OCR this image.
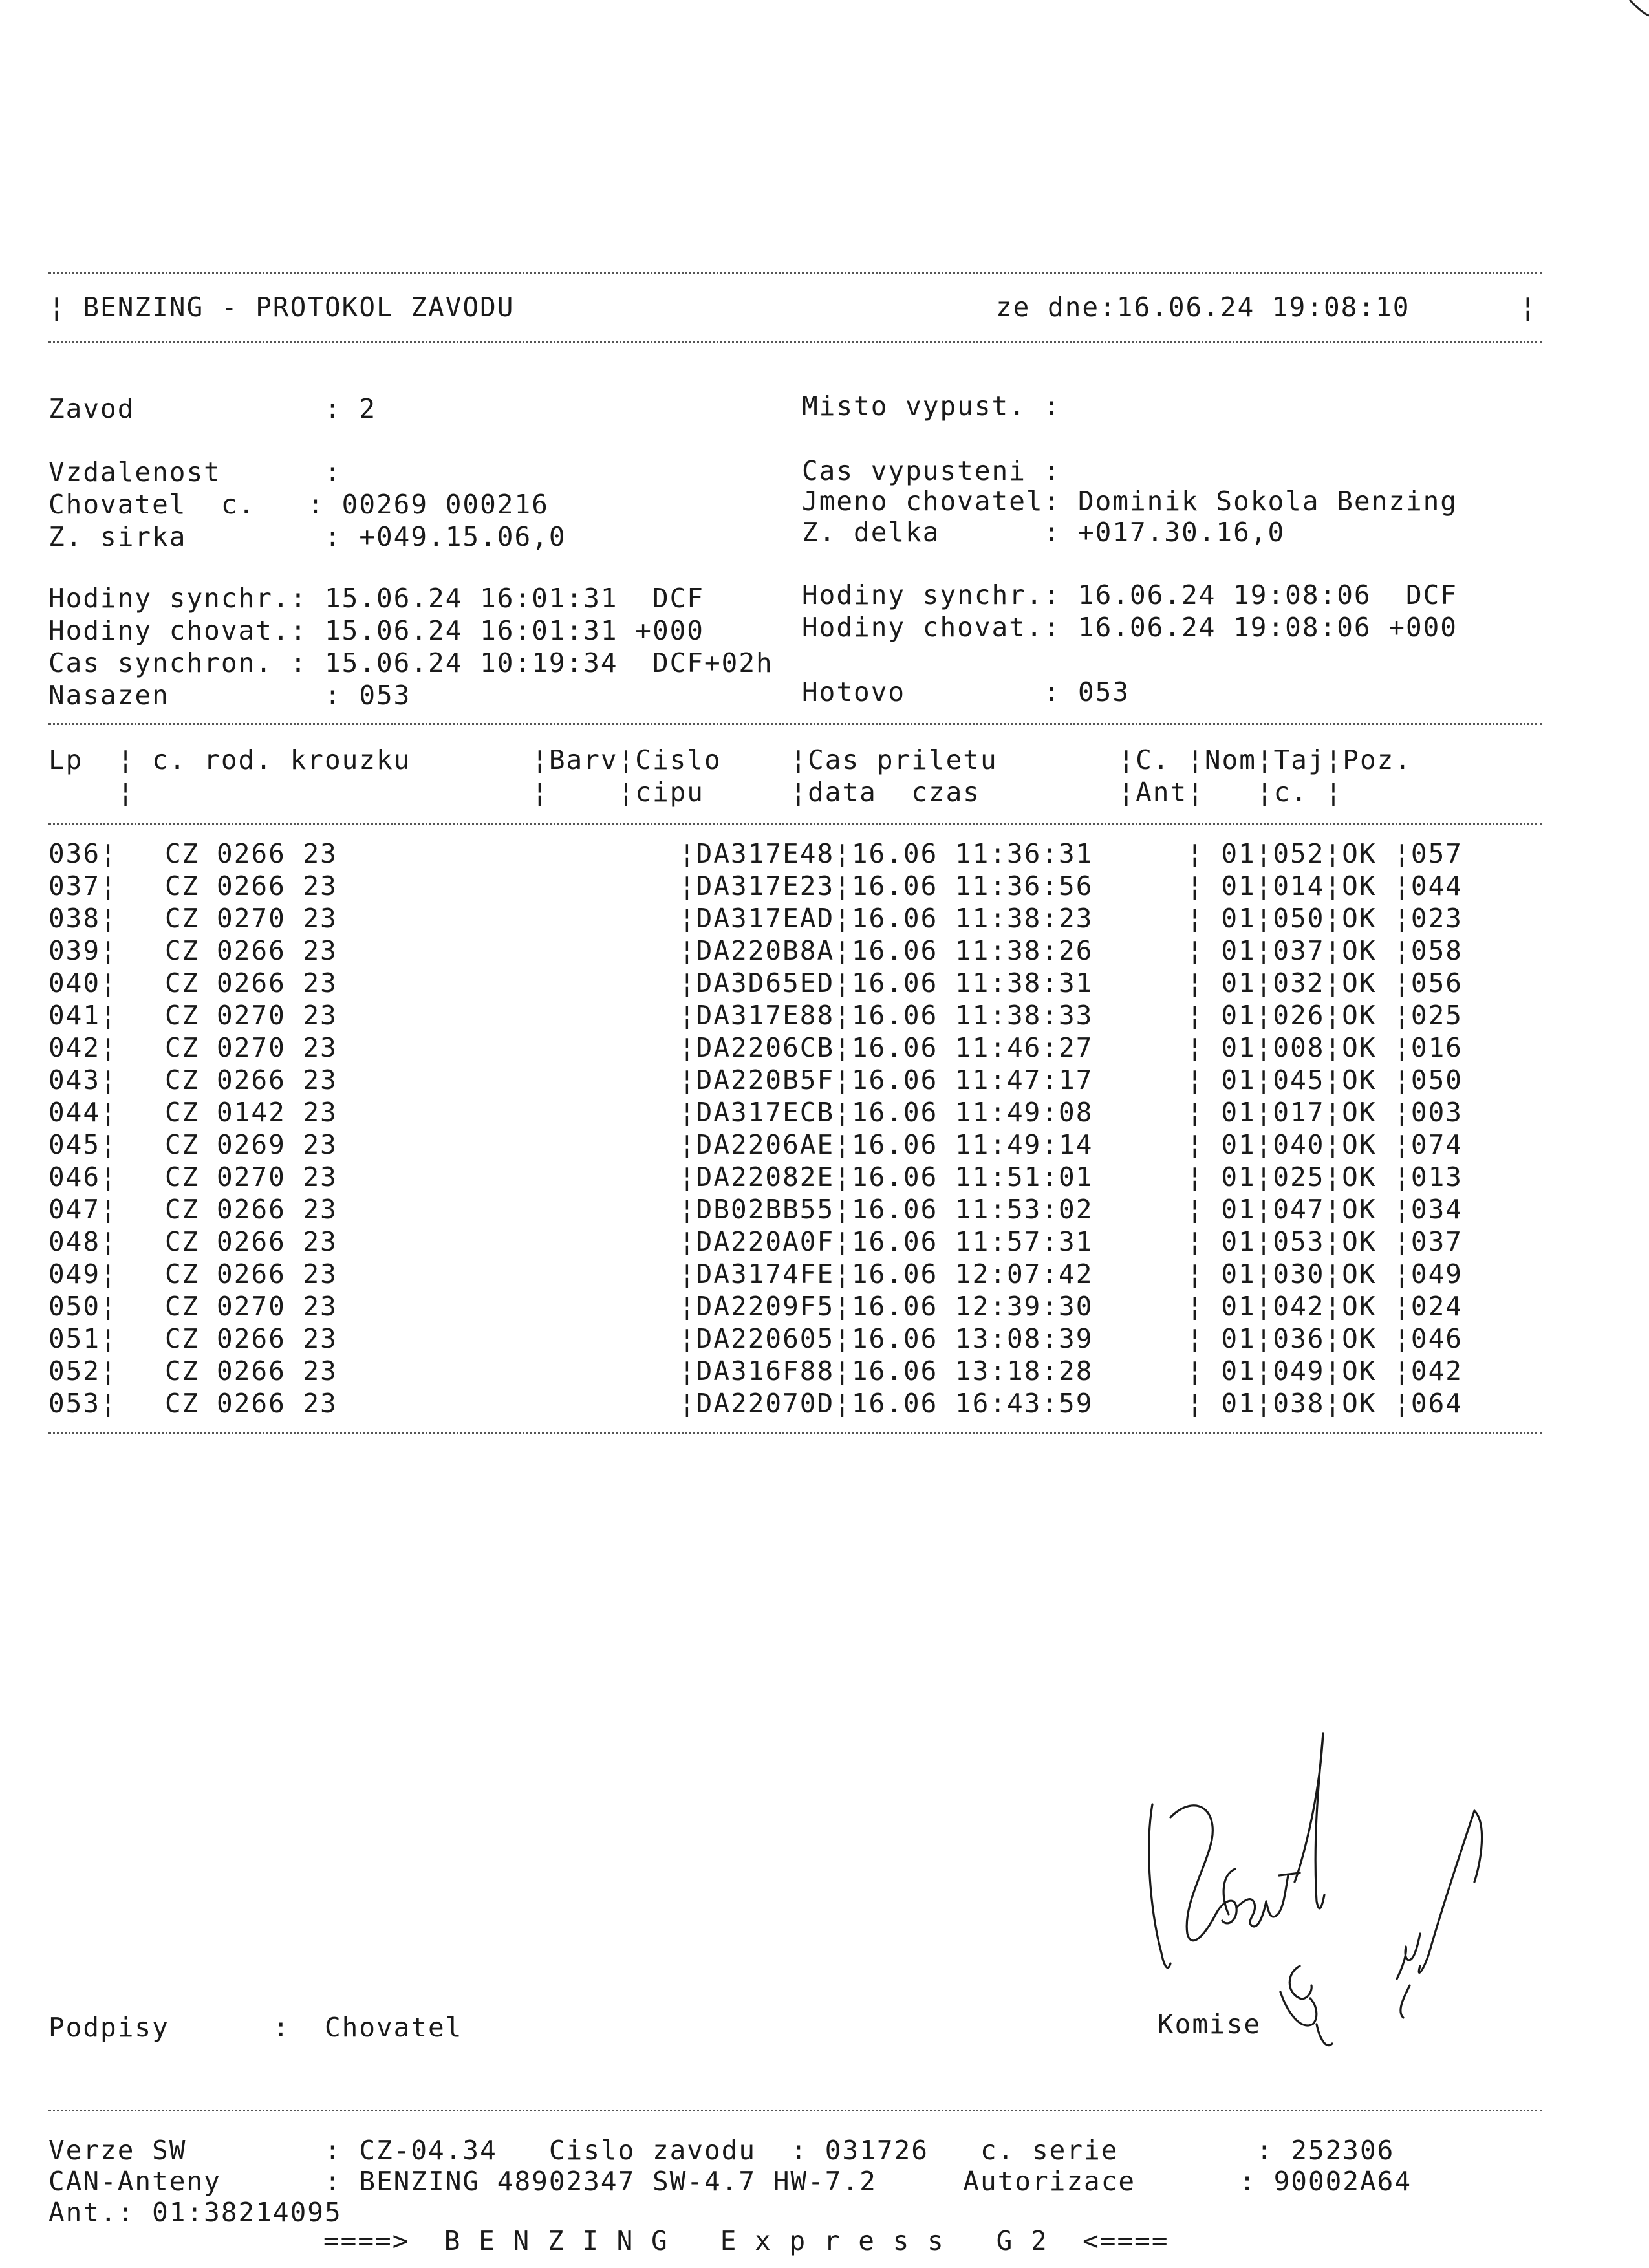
¦ BENZING - PROTOKOL ZAVODU	ze dne:16.06.24 19:08:10	¦
Zavod           : 2	Misto vypust. :
Vzdalenost      :	Cas vypusteni :
Chovatel  c.   : 00269 000216	Jmeno chovatel: Dominik Sokola Benzing
Z. sirka        : +049.15.06,0	Z. delka      : +017.30.16,0
Hodiny synchr.: 15.06.24 16:01:31  DCF	Hodiny synchr.: 16.06.24 19:08:06  DCF
Hodiny chovat.: 15.06.24 16:01:31 +000	Hodiny chovat.: 16.06.24 19:08:06 +000
Cas synchron. : 15.06.24 10:19:34  DCF+02h
Nasazen         : 053	Hotovo        : 053
Lp  ¦ c. rod. krouzku       ¦Barv¦Cislo    ¦Cas priletu       ¦C. ¦Nom¦Taj¦Poz.
¦                       ¦    ¦cipu     ¦data  czas        ¦Ant¦   ¦c. ¦
036¦ CZ 0266 23	¦DA317E48¦16.06 11:36:31	¦ 01¦052¦OK ¦057
037¦ CZ 0266 23	¦DA317E23¦16.06 11:36:56	¦ 01¦014¦OK ¦044
038¦ CZ 0270 23	¦DA317EAD¦16.06 11:38:23	¦ 01¦050¦OK ¦023
039¦ CZ 0266 23	¦DA220B8A¦16.06 11:38:26	¦ 01¦037¦OK ¦058
040¦ CZ 0266 23	¦DA3D65ED¦16.06 11:38:31	¦ 01¦032¦OK ¦056
041¦ CZ 0270 23	¦DA317E88¦16.06 11:38:33	¦ 01¦026¦OK ¦025
042¦ CZ 0270 23	¦DA2206CB¦16.06 11:46:27	¦ 01¦008¦OK ¦016
043¦ CZ 0266 23	¦DA220B5F¦16.06 11:47:17	¦ 01¦045¦OK ¦050
044¦ CZ 0142 23	¦DA317ECB¦16.06 11:49:08	¦ 01¦017¦OK ¦003
045¦ CZ 0269 23	¦DA2206AE¦16.06 11:49:14	¦ 01¦040¦OK ¦074
046¦ CZ 0270 23	¦DA22082E¦16.06 11:51:01	¦ 01¦025¦OK ¦013
047¦ CZ 0266 23	¦DB02BB55¦16.06 11:53:02	¦ 01¦047¦OK ¦034
048¦ CZ 0266 23	¦DA220A0F¦16.06 11:57:31	¦ 01¦053¦OK ¦037
049¦ CZ 0266 23	¦DA3174FE¦16.06 12:07:42	¦ 01¦030¦OK ¦049
050¦ CZ 0270 23	¦DA2209F5¦16.06 12:39:30	¦ 01¦042¦OK ¦024
051¦ CZ 0266 23	¦DA220605¦16.06 13:08:39	¦ 01¦036¦OK ¦046
052¦ CZ 0266 23	¦DA316F88¦16.06 13:18:28	¦ 01¦049¦OK ¦042
053¦ CZ 0266 23	¦DA22070D¦16.06 16:43:59	¦ 01¦038¦OK ¦064
Podpisy      :  Chovatel	Komise
Verze SW        : CZ-04.34   Cislo zavodu  : 031726   c. serie        : 252306
CAN-Anteny      : BENZING 48902347 SW-4.7 HW-7.2     Autorizace      : 90002A64
Ant.: 01:38214095
====>  B E N Z I N G   E x p r e s s   G 2  <====
